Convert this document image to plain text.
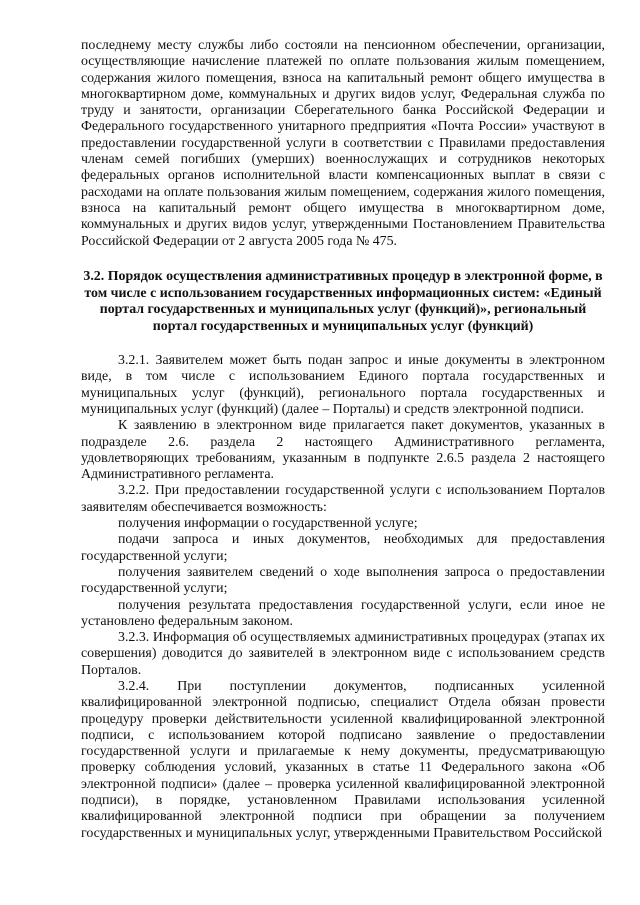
последнему месту службы либо состояли на пенсионном обеспечении, организации, осуществляющие начисление платежей по оплате пользования жилым помещением, содержания жилого помещения, взноса на капитальный ремонт общего имущества в многоквартирном доме, коммунальных и других видов услуг, Федеральная служба по труду и занятости, организации Сберегательного банка Российской Федерации и Федерального государственного унитарного предприятия «Почта России» участвуют в предоставлении государственной услуги в соответствии с Правилами предоставления членам семей погибших (умерших) военнослужащих и сотрудников некоторых федеральных органов исполнительной власти компенсационных выплат в связи с расходами на оплате пользования жилым помещением, содержания жилого помещения, взноса на капитальный ремонт общего имущества в многоквартирном доме, коммунальных и других видов услуг, утвержденными Постановлением Правительства Российской Федерации от 2 августа 2005 года № 475.

3.2. Порядок осуществления административных процедур в электронной форме, в том числе с использованием государственных информационных систем: «Единый портал государственных и муниципальных услуг (функций)», региональный портал государственных и муниципальных услуг (функций)

3.2.1. Заявителем может быть подан запрос и иные документы в электронном виде, в том числе с использованием Единого портала государственных и муниципальных услуг (функций), регионального портала государственных и муниципальных услуг (функций) (далее – Порталы) и средств электронной подписи.

К заявлению в электронном виде прилагается пакет документов, указанных в подразделе 2.6. раздела 2 настоящего Административного регламента, удовлетворяющих требованиям, указанным в подпункте 2.6.5 раздела 2 настоящего Административного регламента.

3.2.2. При предоставлении государственной услуги с использованием Порталов заявителям обеспечивается возможность:

получения информации о государственной услуге;

подачи запроса и иных документов, необходимых для предоставления государственной услуги;

получения заявителем сведений о ходе выполнения запроса о предоставлении государственной услуги;

получения результата предоставления государственной услуги, если иное не установлено федеральным законом.

3.2.3. Информация об осуществляемых административных процедурах (этапах их совершения) доводится до заявителей в электронном виде с использованием средств Порталов.

3.2.4. При поступлении документов, подписанных усиленной квалифицированной электронной подписью, специалист Отдела обязан провести процедуру проверки действительности усиленной квалифицированной электронной подписи, с использованием которой подписано заявление о предоставлении государственной услуги и прилагаемые к нему документы, предусматривающую проверку соблюдения условий, указанных в статье 11 Федерального закона «Об электронной подписи» (далее – проверка усиленной квалифицированной электронной подписи), в порядке, установленном Правилами использования усиленной квалифицированной электронной подписи при обращении за получением государственных и муниципальных услуг, утвержденными Правительством Российской
